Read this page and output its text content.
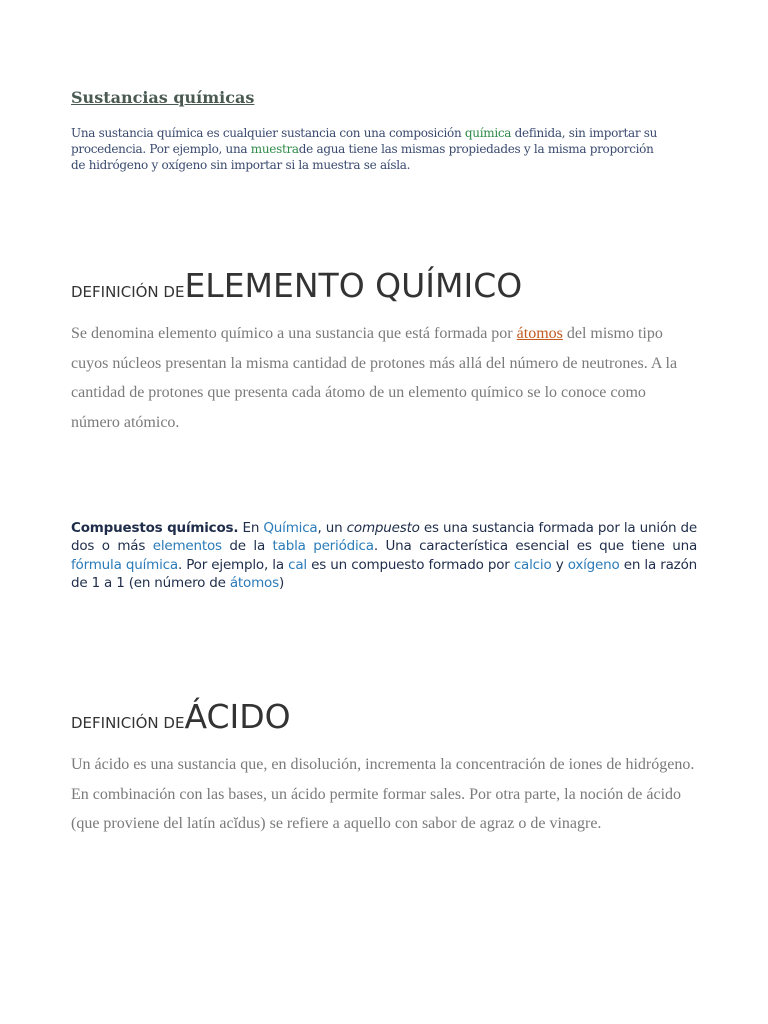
Sustancias químicas

Una sustancia química es cualquier sustancia con una composición química definida, sin importar su procedencia. Por ejemplo, una muestrade agua tiene las mismas propiedades y la misma proporción de hidrógeno y oxígeno sin importar si la muestra se aísla.

DEFINICIÓN DEELEMENTO QUÍMICO

Se denomina elemento químico a una sustancia que está formada por átomos del mismo tipo cuyos núcleos presentan la misma cantidad de protones más allá del número de neutrones. A la cantidad de protones que presenta cada átomo de un elemento químico se lo conoce como número atómico.

Compuestos químicos. En Química, un compuesto es una sustancia formada por la unión de dos o más elementos de la tabla periódica. Una característica esencial es que tiene una fórmula química. Por ejemplo, la cal es un compuesto formado por calcio y oxígeno en la razón de 1 a 1 (en número de átomos)

DEFINICIÓN DEÁCIDO

Un ácido es una sustancia que, en disolución, incrementa la concentración de iones de hidrógeno. En combinación con las bases, un ácido permite formar sales. Por otra parte, la noción de ácido (que proviene del latín acĭdus) se refiere a aquello con sabor de agraz o de vinagre.
